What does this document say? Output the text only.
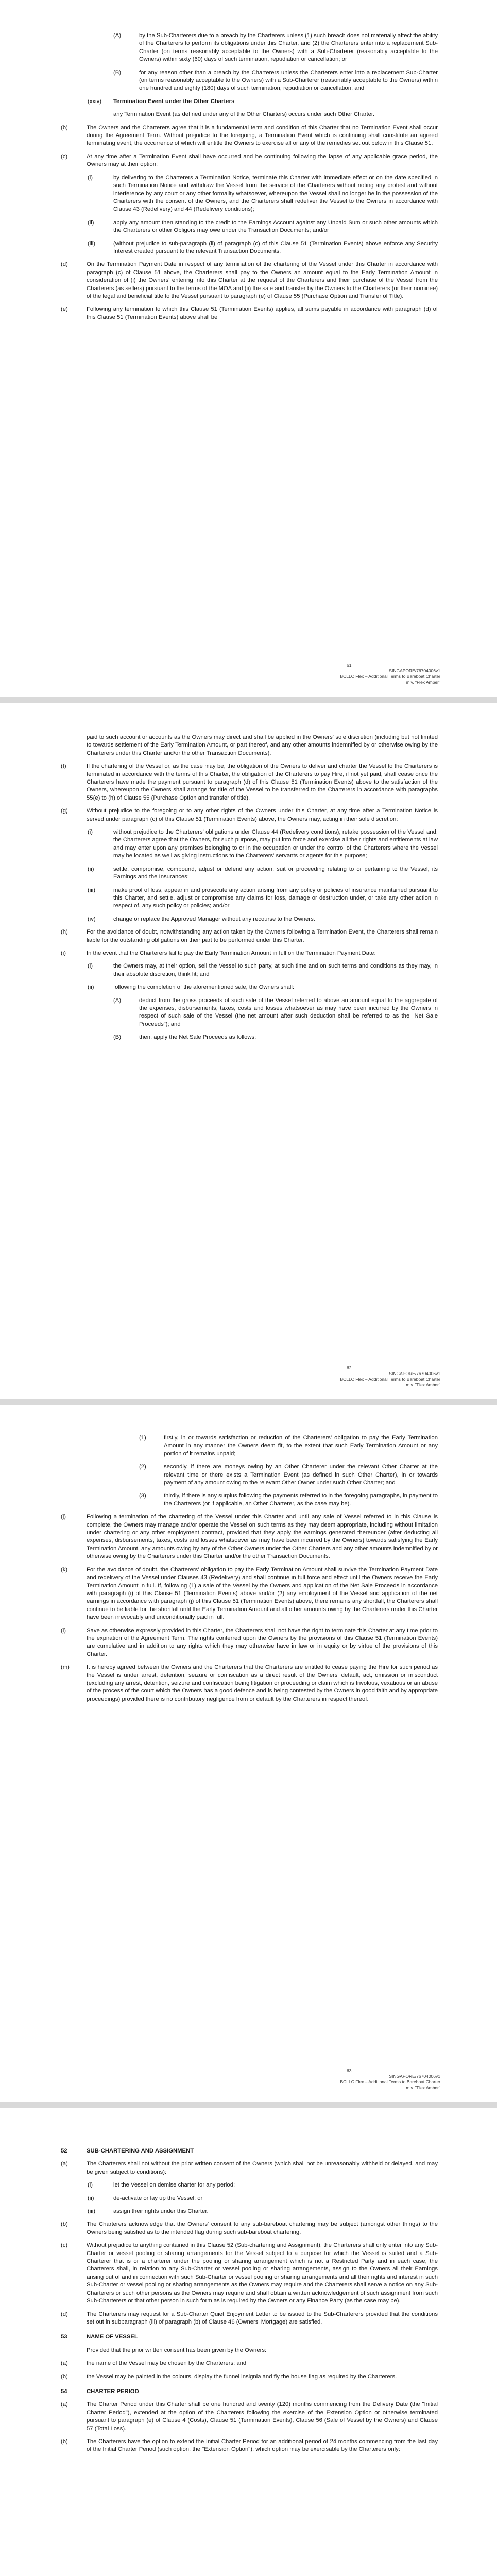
(A)	by the Sub-Charterers due to a breach by the Charterers unless (1) such breach does not materially affect the ability of the Charterers to perform its obligations under this Charter, and (2) the Charterers enter into a replacement Sub-Charter (on terms reasonably acceptable to the Owners) with a Sub-Charterer (reasonably acceptable to the Owners) within sixty (60) days of such termination, repudiation or cancellation; or
(B)	for any reason other than a breach by the Charterers unless the Charterers enter into a replacement Sub-Charter (on terms reasonably acceptable to the Owners) with a Sub-Charterer (reasonably acceptable to the Owners) within one hundred and eighty (180) days of such termination, repudiation or cancellation; and
(xxiv) Termination Event under the Other Charters
any Termination Event (as defined under any of the Other Charters) occurs under such Other Charter.
(b)	The Owners and the Charterers agree that it is a fundamental term and condition of this Charter that no Termination Event shall occur during the Agreement Term. Without prejudice to the foregoing, a Termination Event which is continuing shall constitute an agreed terminating event, the occurrence of which will entitle the Owners to exercise all or any of the remedies set out below in this Clause 51.
(c)	At any time after a Termination Event shall have occurred and be continuing following the lapse of any applicable grace period, the Owners may at their option:
(i)	by delivering to the Charterers a Termination Notice, terminate this Charter with immediate effect or on the date specified in such Termination Notice and withdraw the Vessel from the service of the Charterers without noting any protest and without interference by any court or any other formality whatsoever, whereupon the Vessel shall no longer be in the possession of the Charterers with the consent of the Owners, and the Charterers shall redeliver the Vessel to the Owners in accordance with Clause 43 (Redelivery) and 44 (Redelivery conditions);
(ii)	apply any amount then standing to the credit to the Earnings Account against any Unpaid Sum or such other amounts which the Charterers or other Obligors may owe under the Transaction Documents; and/or
(iii)	(without prejudice to sub-paragraph (ii) of paragraph (c) of this Clause 51 (Termination Events) above enforce any Security Interest created pursuant to the relevant Transaction Documents.
(d)	On the Termination Payment Date in respect of any termination of the chartering of the Vessel under this Charter in accordance with paragraph (c) of Clause 51 above, the Charterers shall pay to the Owners an amount equal to the Early Termination Amount in consideration of (i) the Owners' entering into this Charter at the request of the Charterers and their purchase of the Vessel from the Charterers (as sellers) pursuant to the terms of the MOA and (ii) the sale and transfer by the Owners to the Charterers (or their nominee) of the legal and beneficial title to the Vessel pursuant to paragraph (e) of Clause 55 (Purchase Option and Transfer of Title).
(e)	Following any termination to which this Clause 51 (Termination Events) applies, all sums payable in accordance with paragraph (d) of this Clause 51 (Termination Events) above shall be
61
SINGAPORE/76704006v1
BCLLC Flex – Additional Terms to Bareboat Charter
m.v. "Flex Amber"
paid to such account or accounts as the Owners may direct and shall be applied in the Owners' sole discretion (including but not limited to towards settlement of the Early Termination Amount, or part thereof, and any other amounts indemnified by or otherwise owing by the Charterers under this Charter and/or the other Transaction Documents).
(f)	If the chartering of the Vessel or, as the case may be, the obligation of the Owners to deliver and charter the Vessel to the Charterers is terminated in accordance with the terms of this Charter, the obligation of the Charterers to pay Hire, if not yet paid, shall cease once the Charterers have made the payment pursuant to paragraph (d) of this Clause 51 (Termination Events) above to the satisfaction of the Owners, whereupon the Owners shall arrange for title of the Vessel to be transferred to the Charterers in accordance with paragraphs 55(e) to (h) of Clause 55 (Purchase Option and transfer of title).
(g)	Without prejudice to the foregoing or to any other rights of the Owners under this Charter, at any time after a Termination Notice is served under paragraph (c) of this Clause 51 (Termination Events) above, the Owners may, acting in their sole discretion:
(i)	without prejudice to the Charterers' obligations under Clause 44 (Redelivery conditions), retake possession of the Vessel and, the Charterers agree that the Owners, for such purpose, may put into force and exercise all their rights and entitlements at law and may enter upon any premises belonging to or in the occupation or under the control of the Charterers where the Vessel may be located as well as giving instructions to the Charterers' servants or agents for this purpose;
(ii)	settle, compromise, compound, adjust or defend any action, suit or proceeding relating to or pertaining to the Vessel, its Earnings and the Insurances;
(iii)	make proof of loss, appear in and prosecute any action arising from any policy or policies of insurance maintained pursuant to this Charter, and settle, adjust or compromise any claims for loss, damage or destruction under, or take any other action in respect of, any such policy or policies; and/or
(iv)	change or replace the Approved Manager without any recourse to the Owners.
(h)	For the avoidance of doubt, notwithstanding any action taken by the Owners following a Termination Event, the Charterers shall remain liable for the outstanding obligations on their part to be performed under this Charter.
(i)	In the event that the Charterers fail to pay the Early Termination Amount in full on the Termination Payment Date:
(i)	the Owners may, at their option, sell the Vessel to such party, at such time and on such terms and conditions as they may, in their absolute discretion, think fit; and
(ii)	following the completion of the aforementioned sale, the Owners shall:
(A)	deduct from the gross proceeds of such sale of the Vessel referred to above an amount equal to the aggregate of the expenses, disbursements, taxes, costs and losses whatsoever as may have been incurred by the Owners in respect of such sale of the Vessel (the net amount after such deduction shall be referred to as the "Net Sale Proceeds"); and
(B)	then, apply the Net Sale Proceeds as follows:
62
SINGAPORE/76704006v1
BCLLC Flex – Additional Terms to Bareboat Charter
m.v. "Flex Amber"
(1)	firstly, in or towards satisfaction or reduction of the Charterers' obligation to pay the Early Termination Amount in any manner the Owners deem fit, to the extent that such Early Termination Amount or any portion of it remains unpaid;
(2)	secondly, if there are moneys owing by an Other Charterer under the relevant Other Charter at the relevant time or there exists a Termination Event (as defined in such Other Charter), in or towards payment of any amount owing to the relevant Other Owner under such Other Charter; and
(3)	thirdly, if there is any surplus following the payments referred to in the foregoing paragraphs, in payment to the Charterers (or if applicable, an Other Charterer, as the case may be).
(j)	Following a termination of the chartering of the Vessel under this Charter and until any sale of Vessel referred to in this Clause is complete, the Owners may manage and/or operate the Vessel on such terms as they may deem appropriate, including without limitation under chartering or any other employment contract, provided that they apply the earnings generated thereunder (after deducting all expenses, disbursements, taxes, costs and losses whatsoever as may have been incurred by the Owners) towards satisfying the Early Termination Amount, any amounts owing by any of the Other Owners under the Other Charters and any other amounts indemnified by or otherwise owing by the Charterers under this Charter and/or the other Transaction Documents.
(k)	For the avoidance of doubt, the Charterers' obligation to pay the Early Termination Amount shall survive the Termination Payment Date and redelivery of the Vessel under Clauses 43 (Redelivery) and shall continue in full force and effect until the Owners receive the Early Termination Amount in full. If, following (1) a sale of the Vessel by the Owners and application of the Net Sale Proceeds in accordance with paragraph (i) of this Clause 51 (Termination Events) above and/or (2) any employment of the Vessel and application of the net earnings in accordance with paragraph (j) of this Clause 51 (Termination Events) above, there remains any shortfall, the Charterers shall continue to be liable for the shortfall until the Early Termination Amount and all other amounts owing by the Charterers under this Charter have been irrevocably and unconditionally paid in full.
(l)	Save as otherwise expressly provided in this Charter, the Charterers shall not have the right to terminate this Charter at any time prior to the expiration of the Agreement Term. The rights conferred upon the Owners by the provisions of this Clause 51 (Termination Events) are cumulative and in addition to any rights which they may otherwise have in law or in equity or by virtue of the provisions of this Charter.
(m)	It is hereby agreed between the Owners and the Charterers that the Charterers are entitled to cease paying the Hire for such period as the Vessel is under arrest, detention, seizure or confiscation as a direct result of the Owners' default, act, omission or misconduct (excluding any arrest, detention, seizure and confiscation being litigation or proceeding or claim which is frivolous, vexatious or an abuse of the process of the court which the Owners has a good defence and is being contested by the Owners in good faith and by appropriate proceedings) provided there is no contributory negligence from or default by the Charterers in respect thereof.
63
SINGAPORE/76704006v1
BCLLC Flex – Additional Terms to Bareboat Charter
m.v. "Flex Amber"
52	SUB-CHARTERING AND ASSIGNMENT
(a)	The Charterers shall not without the prior written consent of the Owners (which shall not be unreasonably withheld or delayed, and may be given subject to conditions):
(i)	let the Vessel on demise charter for any period;
(ii)	de-activate or lay up the Vessel; or
(iii)	assign their rights under this Charter.
(b)	The Charterers acknowledge that the Owners' consent to any sub-bareboat chartering may be subject (amongst other things) to the Owners being satisfied as to the intended flag during such sub-bareboat chartering.
(c)	Without prejudice to anything contained in this Clause 52 (Sub-chartering and Assignment), the Charterers shall only enter into any Sub-Charter or vessel pooling or sharing arrangements for the Vessel subject to a purpose for which the Vessel is suited and a Sub-Charterer that is or a charterer under the pooling or sharing arrangement which is not a Restricted Party and in each case, the Charterers shall, in relation to any Sub-Charter or vessel pooling or sharing arrangements, assign to the Owners all their Earnings arising out of and in connection with such Sub-Charter or vessel pooling or sharing arrangements and all their rights and interest in such Sub-Charter or vessel pooling or sharing arrangements as the Owners may require and the Charterers shall serve a notice on any Sub-Charterers or such other persons as the Owners may require and shall obtain a written acknowledgement of such assignment from such Sub-Charterers or that other person in such form as is required by the Owners or any Finance Party (as the case may be).
(d)	The Charterers may request for a Sub-Charter Quiet Enjoyment Letter to be issued to the Sub-Charterers provided that the conditions set out in subparagraph (iii) of paragraph (b) of Clause 46 (Owners' Mortgage) are satisfied.
53	NAME OF VESSEL
Provided that the prior written consent has been given by the Owners:
(a)	the name of the Vessel may be chosen by the Charterers; and
(b)	the Vessel may be painted in the colours, display the funnel insignia and fly the house flag as required by the Charterers.
54	CHARTER PERIOD
(a)	The Charter Period under this Charter shall be one hundred and twenty (120) months commencing from the Delivery Date (the "Initial Charter Period"), extended at the option of the Charterers following the exercise of the Extension Option or otherwise terminated pursuant to paragraph (e) of Clause 4 (Costs), Clause 51 (Termination Events), Clause 56 (Sale of Vessel by the Owners) and Clause 57 (Total Loss).
(b)	The Charterers have the option to extend the Initial Charter Period for an additional period of 24 months commencing from the last day of the Initial Charter Period (such option, the "Extension Option"), which option may be exercisable by the Charterers only:
